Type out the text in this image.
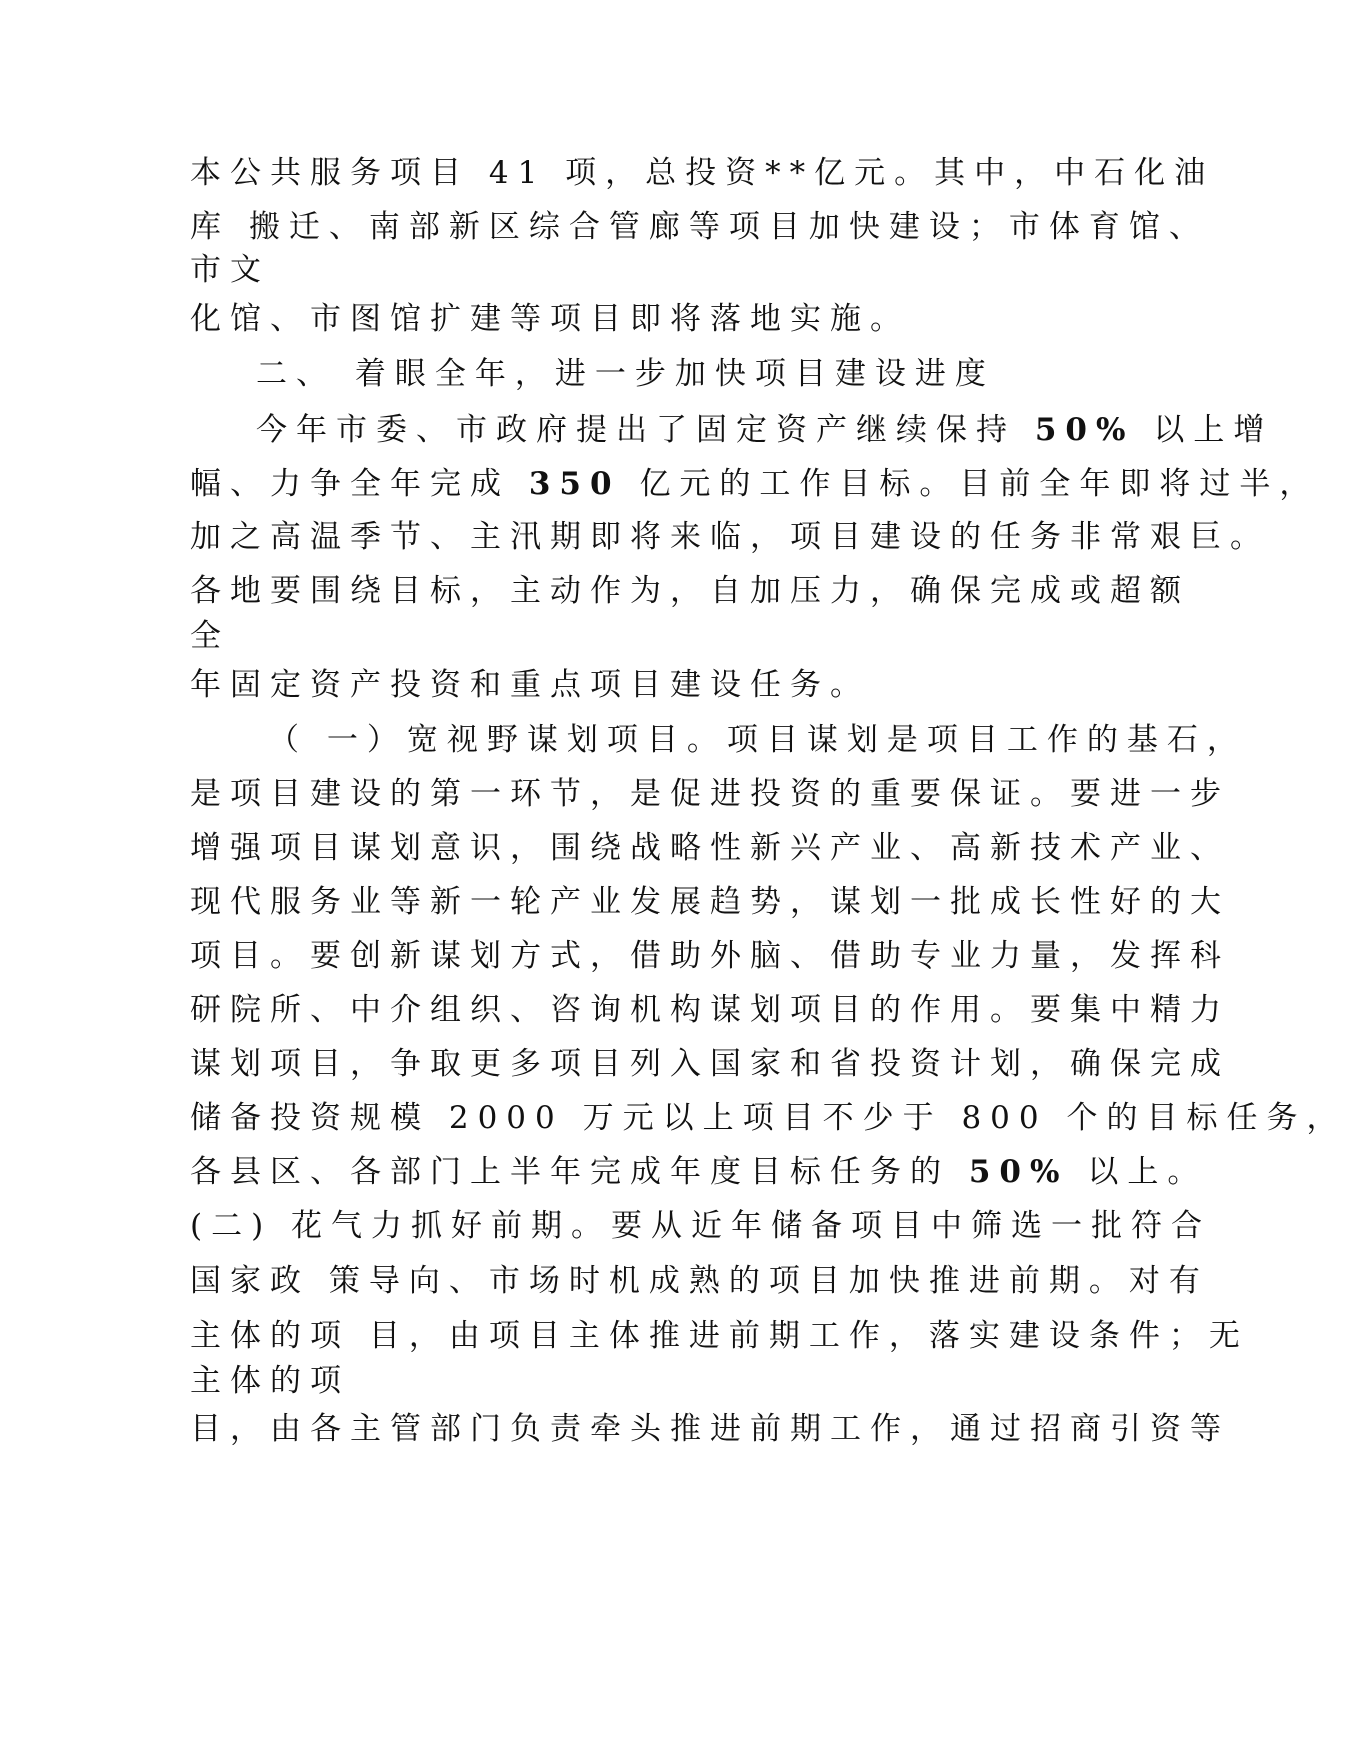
本公共服务项目 41 项，总投资**亿元。其中，中石化油
库 搬迁、南部新区综合管廊等项目加快建设；市体育馆、
市文
化馆、市图馆扩建等项目即将落地实施。
二、 着眼全年，进一步加快项目建设进度
今年市委、市政府提出了固定资产继续保持 50% 以上增
幅、力争全年完成 350 亿元的工作目标。目前全年即将过半，
加之高温季节、主汛期即将来临，项目建设的任务非常艰巨。
各地要围绕目标，主动作为，自加压力，确保完成或超额
全
年固定资产投资和重点项目建设任务。
（ 一）宽视野谋划项目。项目谋划是项目工作的基石，
是项目建设的第一环节，是促进投资的重要保证。要进一步
增强项目谋划意识，围绕战略性新兴产业、高新技术产业、
现代服务业等新一轮产业发展趋势，谋划一批成长性好的大
项目。要创新谋划方式，借助外脑、借助专业力量，发挥科
研院所、中介组织、咨询机构谋划项目的作用。要集中精力
谋划项目，争取更多项目列入国家和省投资计划，确保完成
储备投资规模 2000 万元以上项目不少于 800 个的目标任务，
各县区、各部门上半年完成年度目标任务的 50% 以上。
(二) 花气力抓好前期。要从近年储备项目中筛选一批符合
国家政 策导向、市场时机成熟的项目加快推进前期。对有
主体的项 目，由项目主体推进前期工作，落实建设条件；无
主体的项
目，由各主管部门负责牵头推进前期工作，通过招商引资等
